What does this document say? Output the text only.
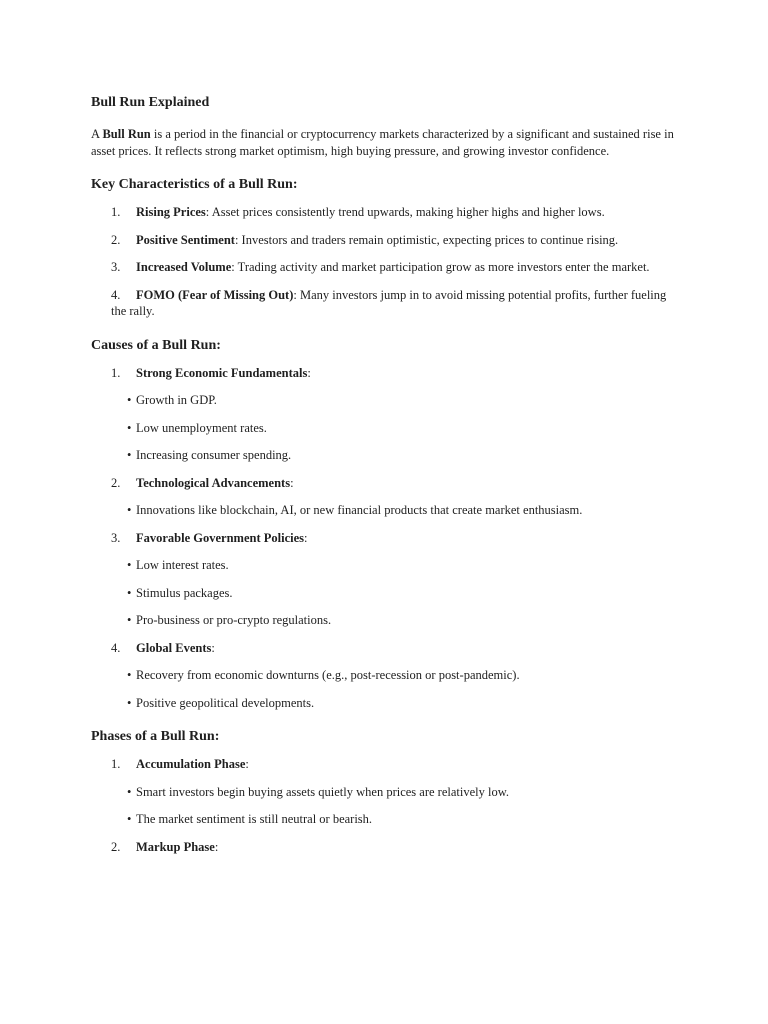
Bull Run Explained

A Bull Run is a period in the financial or cryptocurrency markets characterized by a significant and sustained rise in asset prices. It reflects strong market optimism, high buying pressure, and growing investor confidence.

Key Characteristics of a Bull Run:

1. Rising Prices: Asset prices consistently trend upwards, making higher highs and higher lows.

2. Positive Sentiment: Investors and traders remain optimistic, expecting prices to continue rising.

3. Increased Volume: Trading activity and market participation grow as more investors enter the market.

4. FOMO (Fear of Missing Out): Many investors jump in to avoid missing potential profits, further fueling the rally.

Causes of a Bull Run:

1. Strong Economic Fundamentals:

• Growth in GDP.

• Low unemployment rates.

• Increasing consumer spending.

2. Technological Advancements:

• Innovations like blockchain, AI, or new financial products that create market enthusiasm.

3. Favorable Government Policies:

• Low interest rates.

• Stimulus packages.

• Pro-business or pro-crypto regulations.

4. Global Events:

• Recovery from economic downturns (e.g., post-recession or post-pandemic).

• Positive geopolitical developments.

Phases of a Bull Run:

1. Accumulation Phase:

• Smart investors begin buying assets quietly when prices are relatively low.

• The market sentiment is still neutral or bearish.

2. Markup Phase:
